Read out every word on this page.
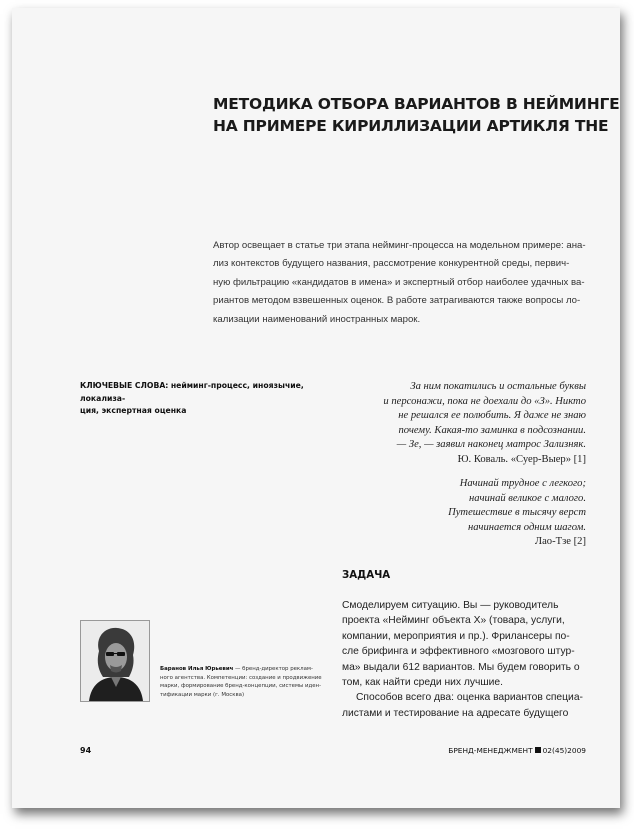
МЕТОДИКА ОТБОРА ВАРИАНТОВ В НЕЙМИНГЕ
НА ПРИМЕРЕ КИРИЛЛИЗАЦИИ АРТИКЛЯ THE
Автор освещает в статье три этапа нейминг-процесса на модельном примере: ана-
лиз контекстов будущего названия, рассмотрение конкурентной среды, первич-
ную фильтрацию «кандидатов в имена» и экспертный отбор наиболее удачных ва-
риантов методом взвешенных оценок. В работе затрагиваются также вопросы ло-
кализации наименований иностранных марок.
КЛЮЧЕВЫЕ СЛОВА: нейминг-процесс, иноязычие, локализа-
ция, экспертная оценка
За ним покатились и остальные буквы
и персонажи, пока не доехали до «З». Никто
не решался ее полюбить. Я даже не знаю
почему. Какая-то заминка в подсознании.
— Зе, — заявил наконец матрос Зализняк.
Ю. Коваль. «Суер-Выер» [1]
Начинай трудное с легкого;
начинай великое с малого.
Путешествие в тысячу верст
начинается одним шагом.
Лао-Тзе [2]
ЗАДАЧА
Смоделируем ситуацию. Вы — руководитель
проекта «Нейминг объекта Х» (товара, услуги,
компании, мероприятия и пр.). Фрилансеры по-
сле брифинга и эффективного «мозгового штур-
ма» выдали 612 вариантов. Мы будем говорить о
том, как найти среди них лучшие.
Способов всего два: оценка вариантов специа-
листами и тестирование на адресате будущего
Баранов Илья Юрьевич — бренд-директор реклам-
ного агентства. Компетенции: создание и продвижение
марки, формирование бренд-концепции, системы иден-
тификации марки (г. Москва)
94	БРЕНД-МЕНЕДЖМЕНТ 02(45)2009
